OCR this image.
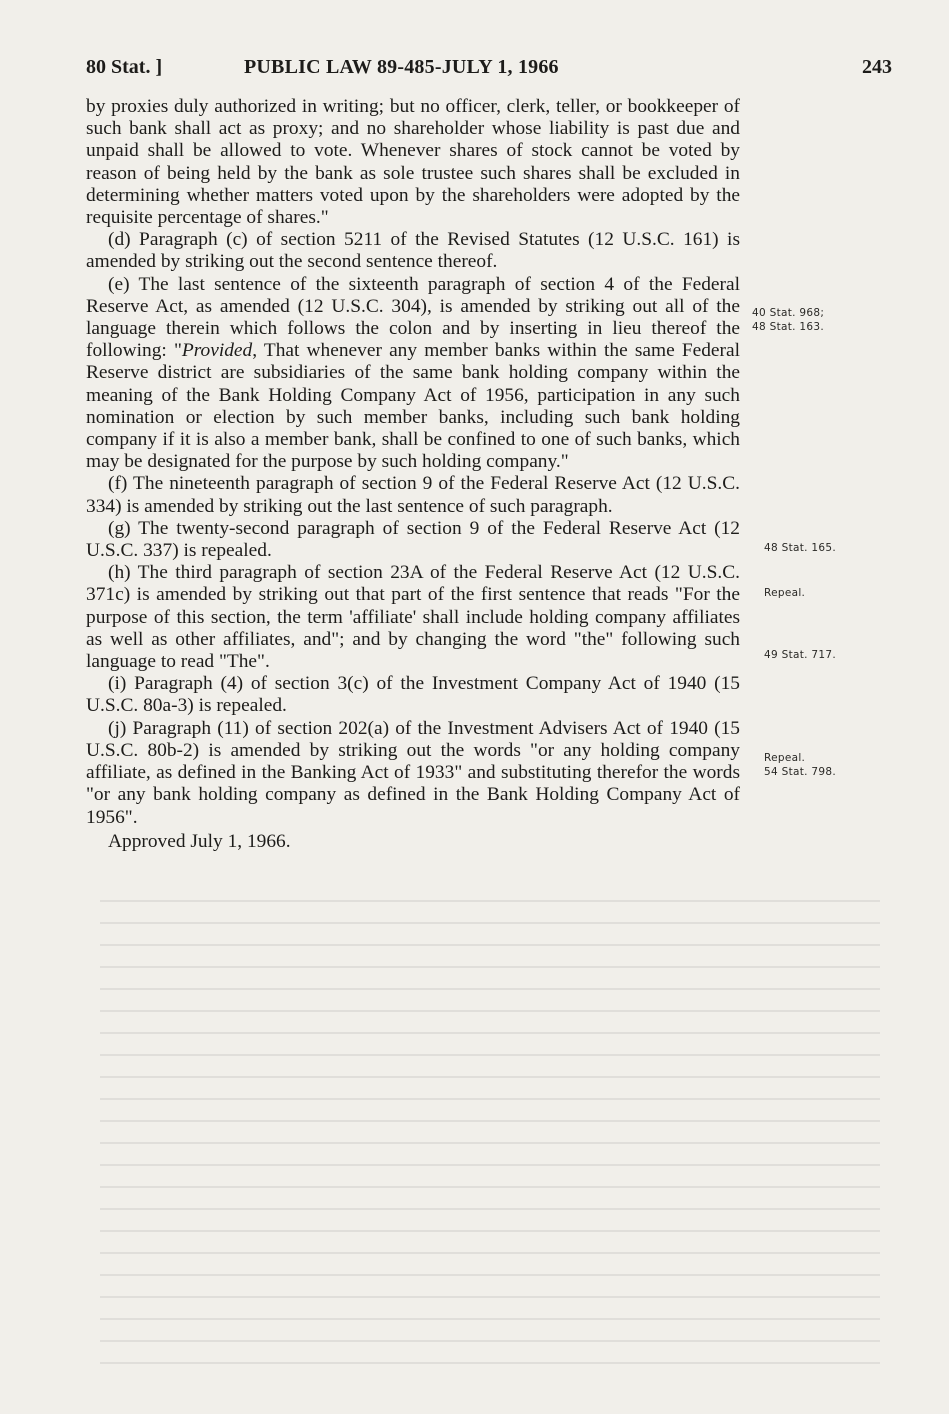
80 Stat. ]	PUBLIC LAW 89-485-JULY 1, 1966	243

by proxies duly authorized in writing; but no officer, clerk, teller, or bookkeeper of such bank shall act as proxy; and no shareholder whose liability is past due and unpaid shall be allowed to vote. Whenever shares of stock cannot be voted by reason of being held by the bank as sole trustee such shares shall be excluded in determining whether matters voted upon by the shareholders were adopted by the requisite percentage of shares."

(d) Paragraph (c) of section 5211 of the Revised Statutes (12 U.S.C. 161) is amended by striking out the second sentence thereof.

(e) The last sentence of the sixteenth paragraph of section 4 of the Federal Reserve Act, as amended (12 U.S.C. 304), is amended by striking out all of the language therein which follows the colon and by inserting in lieu thereof the following: "Provided, That whenever any member banks within the same Federal Reserve district are subsidiaries of the same bank holding company within the meaning of the Bank Holding Company Act of 1956, participation in any such nomination or election by such member banks, including such bank holding company if it is also a member bank, shall be confined to one of such banks, which may be designated for the purpose by such holding company."

(f) The nineteenth paragraph of section 9 of the Federal Reserve Act (12 U.S.C. 334) is amended by striking out the last sentence of such paragraph.

(g) The twenty-second paragraph of section 9 of the Federal Reserve Act (12 U.S.C. 337) is repealed.

(h) The third paragraph of section 23A of the Federal Reserve Act (12 U.S.C. 371c) is amended by striking out that part of the first sentence that reads "For the purpose of this section, the term 'affiliate' shall include holding company affiliates as well as other affiliates, and"; and by changing the word "the" following such language to read "The".

(i) Paragraph (4) of section 3(c) of the Investment Company Act of 1940 (15 U.S.C. 80a-3) is repealed.

(j) Paragraph (11) of section 202(a) of the Investment Advisers Act of 1940 (15 U.S.C. 80b-2) is amended by striking out the words "or any holding company affiliate, as defined in the Banking Act of 1933" and substituting therefor the words "or any bank holding company as defined in the Bank Holding Company Act of 1956".

Approved July 1, 1966.

40 Stat. 968;
48 Stat. 163.
48 Stat. 165.
Repeal.
49 Stat. 717.
Repeal.
54 Stat. 798.
